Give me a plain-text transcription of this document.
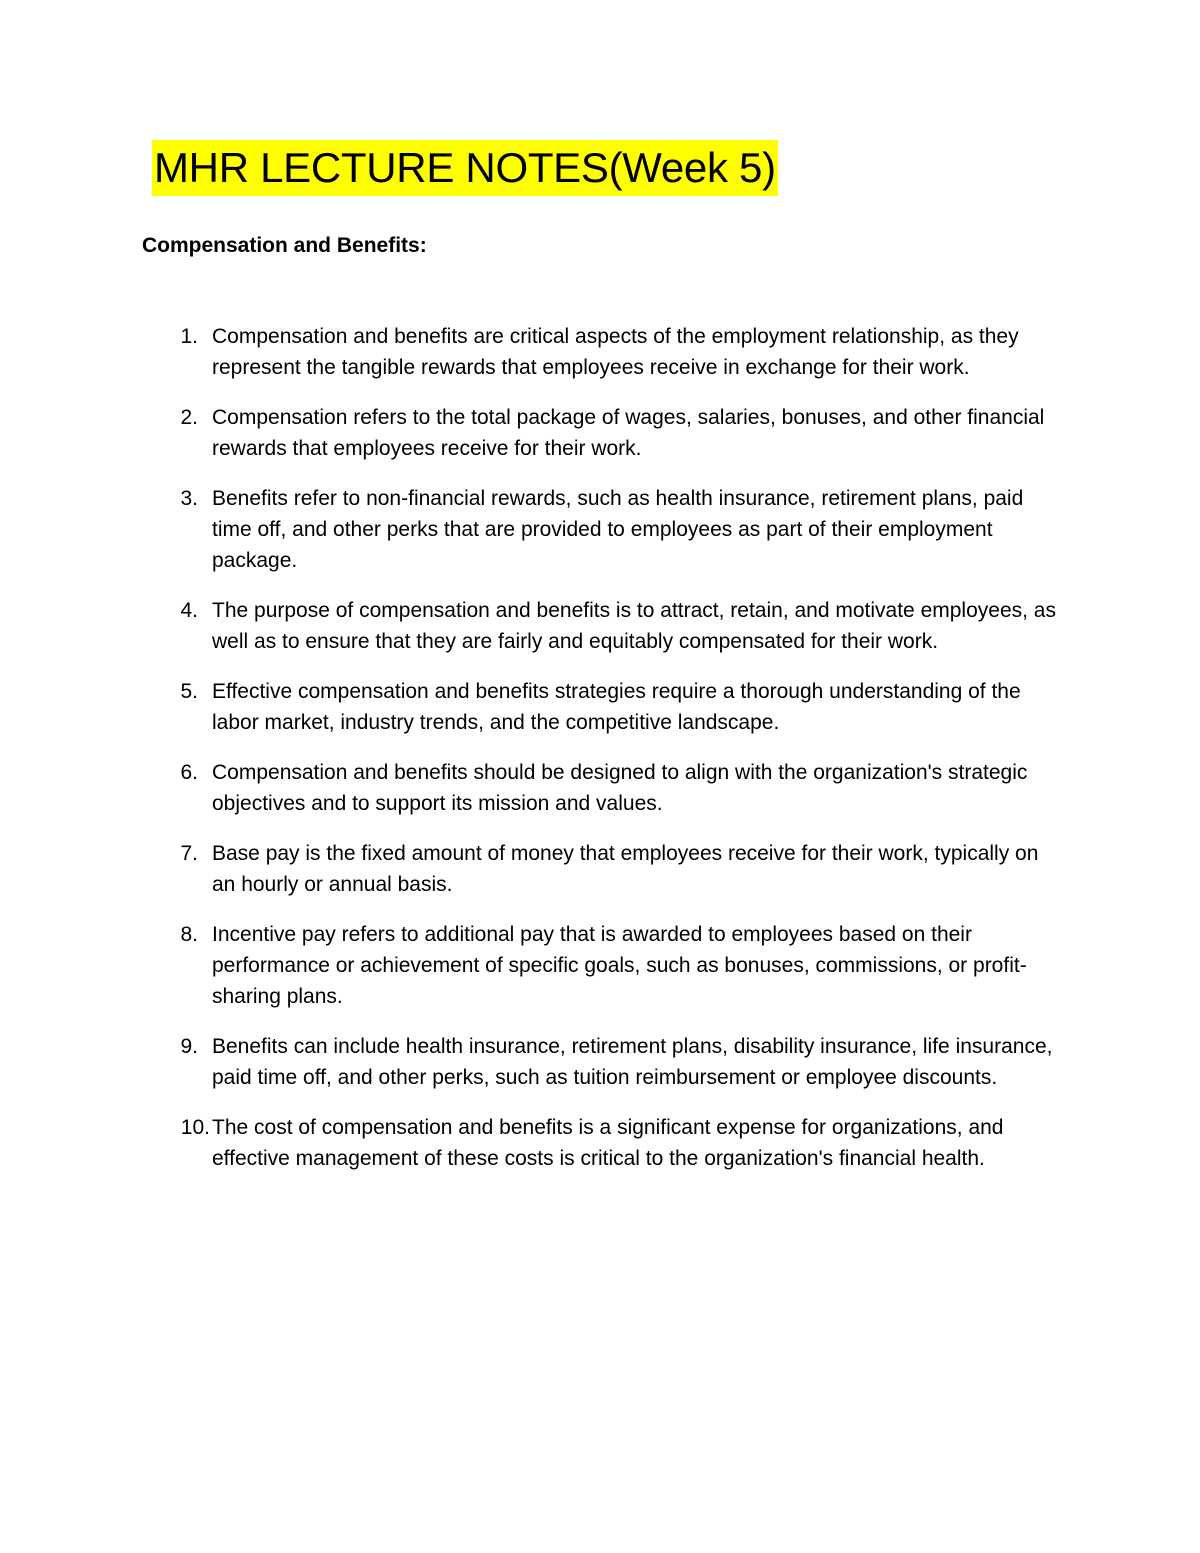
MHR LECTURE NOTES(Week 5)
Compensation and Benefits:
1. Compensation and benefits are critical aspects of the employment relationship, as they represent the tangible rewards that employees receive in exchange for their work.
2. Compensation refers to the total package of wages, salaries, bonuses, and other financial rewards that employees receive for their work.
3. Benefits refer to non-financial rewards, such as health insurance, retirement plans, paid time off, and other perks that are provided to employees as part of their employment package.
4. The purpose of compensation and benefits is to attract, retain, and motivate employees, as well as to ensure that they are fairly and equitably compensated for their work.
5. Effective compensation and benefits strategies require a thorough understanding of the labor market, industry trends, and the competitive landscape.
6. Compensation and benefits should be designed to align with the organization's strategic objectives and to support its mission and values.
7. Base pay is the fixed amount of money that employees receive for their work, typically on an hourly or annual basis.
8. Incentive pay refers to additional pay that is awarded to employees based on their performance or achievement of specific goals, such as bonuses, commissions, or profit-sharing plans.
9. Benefits can include health insurance, retirement plans, disability insurance, life insurance, paid time off, and other perks, such as tuition reimbursement or employee discounts.
10. The cost of compensation and benefits is a significant expense for organizations, and effective management of these costs is critical to the organization's financial health.
